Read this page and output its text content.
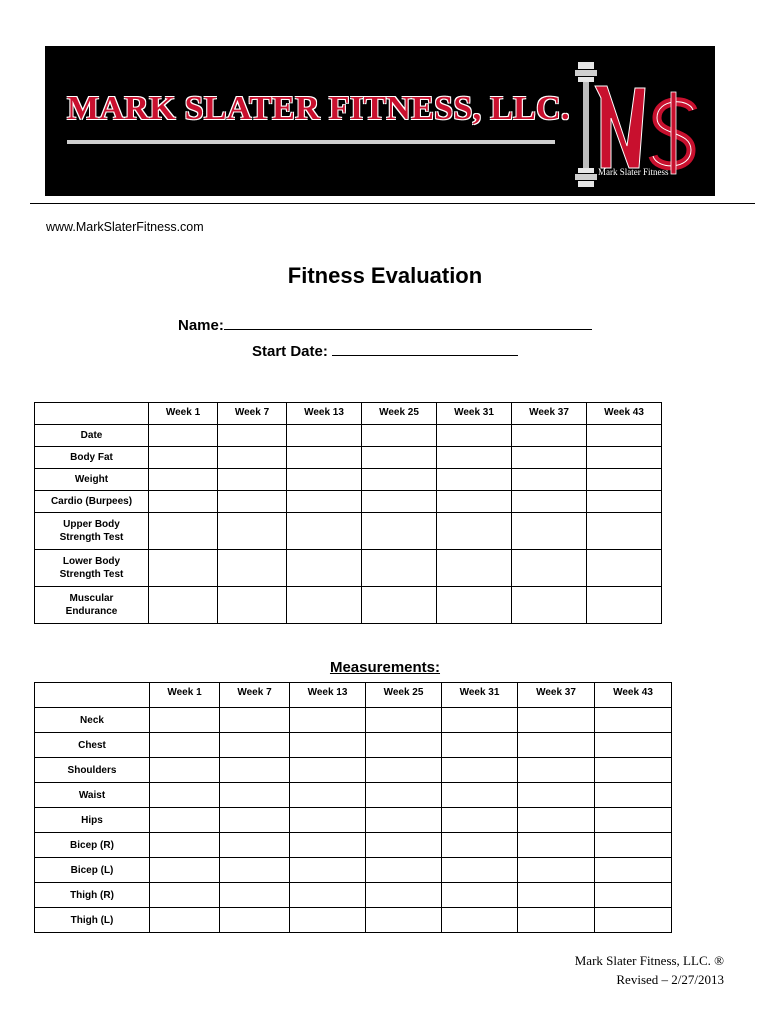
MARK SLATER FITNESS, LLC.
Mark Slater Fitness
www.MarkSlaterFitness.com
Fitness Evaluation
Name:
Start Date:
	Week 1	Week 7	Week 13	Week 25	Week 31	Week 37	Week 43

Date							

Body Fat							

Weight							

Cardio (Burpees)							

Upper Body
Strength Test							

Lower Body
Strength Test							

Muscular
Endurance							

Measurements:
	Week 1	Week 7	Week 13	Week 25	Week 31	Week 37	Week 43

Neck							

Chest							

Shoulders							

Waist							

Hips							

Bicep (R)							

Bicep (L)							

Thigh (R)							

Thigh (L)							

Mark Slater Fitness, LLC. ®
Revised – 2/27/2013
